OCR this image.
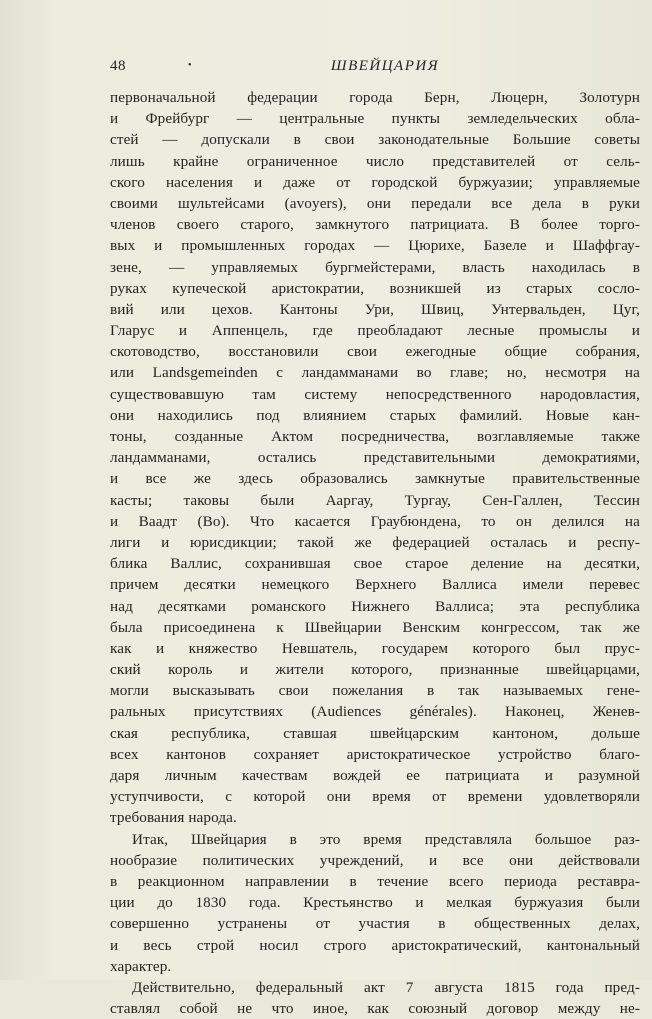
48	•	ШВЕЙЦАРИЯ
первоначальной федерации города Берн, Люцерн, Золотурн
и Фрейбург — центральные пункты земледельческих обла-
стей — допускали в свои законодательные Большие советы
лишь крайне ограниченное число представителей от сель-
ского населения и даже от городской буржуазии; управляемые
своими шультейсами (avoyers), они передали все дела в руки
членов своего старого, замкнутого патрициата. В более торго-
вых и промышленных городах — Цюрихе, Базеле и Шаффгау-
зене, — управляемых бургмейстерами, власть находилась в
руках купеческой аристократии, возникшей из старых сосло-
вий или цехов. Кантоны Ури, Швиц, Унтервальден, Цуг,
Гларус и Аппенцель, где преобладают лесные промыслы и
скотоводство, восстановили свои ежегодные общие собрания,
или Landsgemeinden с ландамманами во главе; но, несмотря на
существовавшую там систему непосредственного народовластия,
они находились под влиянием старых фамилий. Новые кан-
тоны, созданные Актом посредничества, возглавляемые также
ландамманами, остались представительными демократиями,
и все же здесь образовались замкнутые правительственные
касты; таковы были Ааргау, Тургау, Сен-Галлен, Тессин
и Ваадт (Во). Что касается Граубюндена, то он делился на
лиги и юрисдикции; такой же федерацией осталась и респу-
блика Валлис, сохранившая свое старое деление на десятки,
причем десятки немецкого Верхнего Валлиса имели перевес
над десятками романского Нижнего Валлиса; эта республика
была присоединена к Швейцарии Венским конгрессом, так же
как и княжество Невшатель, государем которого был прус-
ский король и жители которого, признанные швейцарцами,
могли высказывать свои пожелания в так называемых гене-
ральных присутствиях (Audiences générales). Наконец, Женев-
ская республика, ставшая швейцарским кантоном, дольше
всех кантонов сохраняет аристократическое устройство благо-
даря личным качествам вождей ее патрициата и разумной
уступчивости, с которой они время от времени удовлетворяли
требования народа.
Итак, Швейцария в это время представляла большое раз-
нообразие политических учреждений, и все они действовали
в реакционном направлении в течение всего периода реставра-
ции до 1830 года. Крестьянство и мелкая буржуазия были
совершенно устранены от участия в общественных делах,
и весь строй носил строго аристократический, кантональный
характер.
Действительно, федеральный акт 7 августа 1815 года пред-
ставлял собой не что иное, как союзный договор между не-
